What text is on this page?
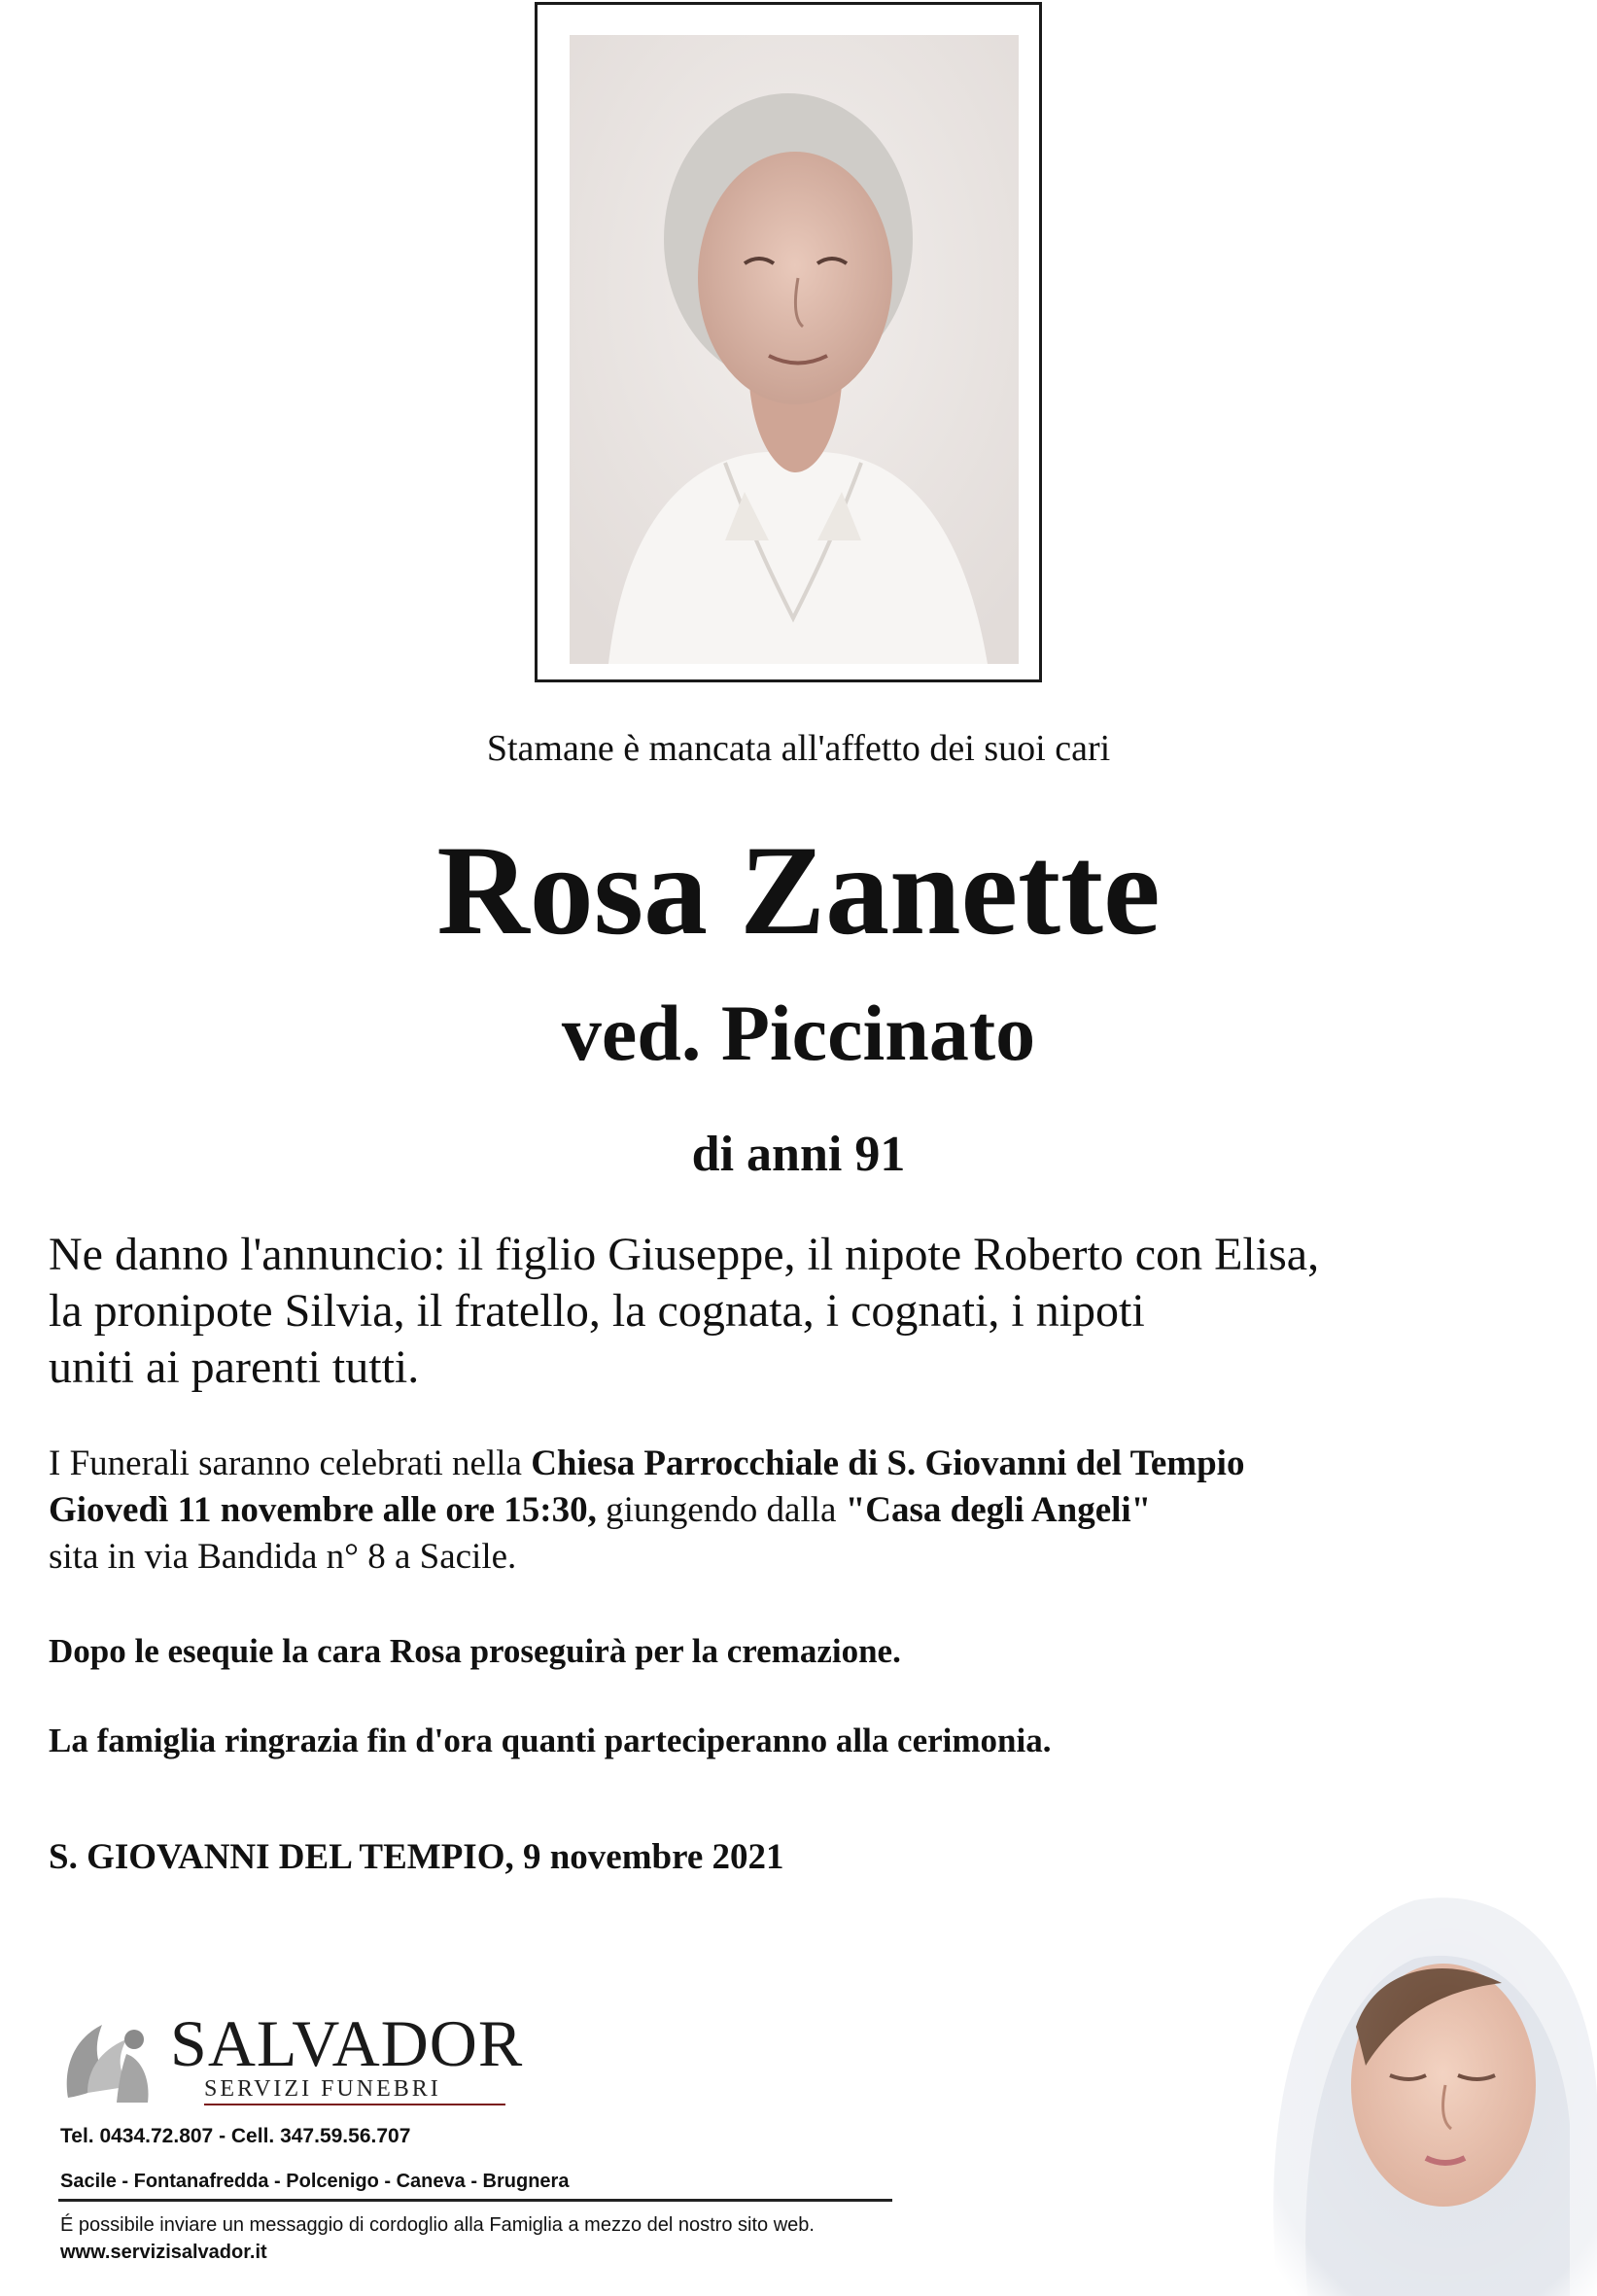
Stamane è mancata all'affetto dei suoi cari
Rosa Zanette
ved. Piccinato
di anni 91
Ne danno l'annuncio: il figlio Giuseppe, il nipote Roberto con Elisa,
la pronipote Silvia, il fratello, la cognata, i cognati, i nipoti
uniti ai parenti tutti.
I Funerali saranno celebrati nella Chiesa Parrocchiale di S. Giovanni del Tempio
Giovedì 11 novembre alle ore 15:30, giungendo dalla "Casa degli Angeli"
sita in via Bandida n° 8 a Sacile.
Dopo le esequie la cara Rosa proseguirà per la cremazione.
La famiglia ringrazia fin d'ora quanti parteciperanno alla cerimonia.
S. GIOVANNI DEL TEMPIO, 9 novembre 2021
SALVADOR
SERVIZI FUNEBRI
Tel. 0434.72.807 - Cell. 347.59.56.707
Sacile - Fontanafredda - Polcenigo - Caneva - Brugnera
É possibile inviare un messaggio di cordoglio alla Famiglia a mezzo del nostro sito web.
www.servizisalvador.it
